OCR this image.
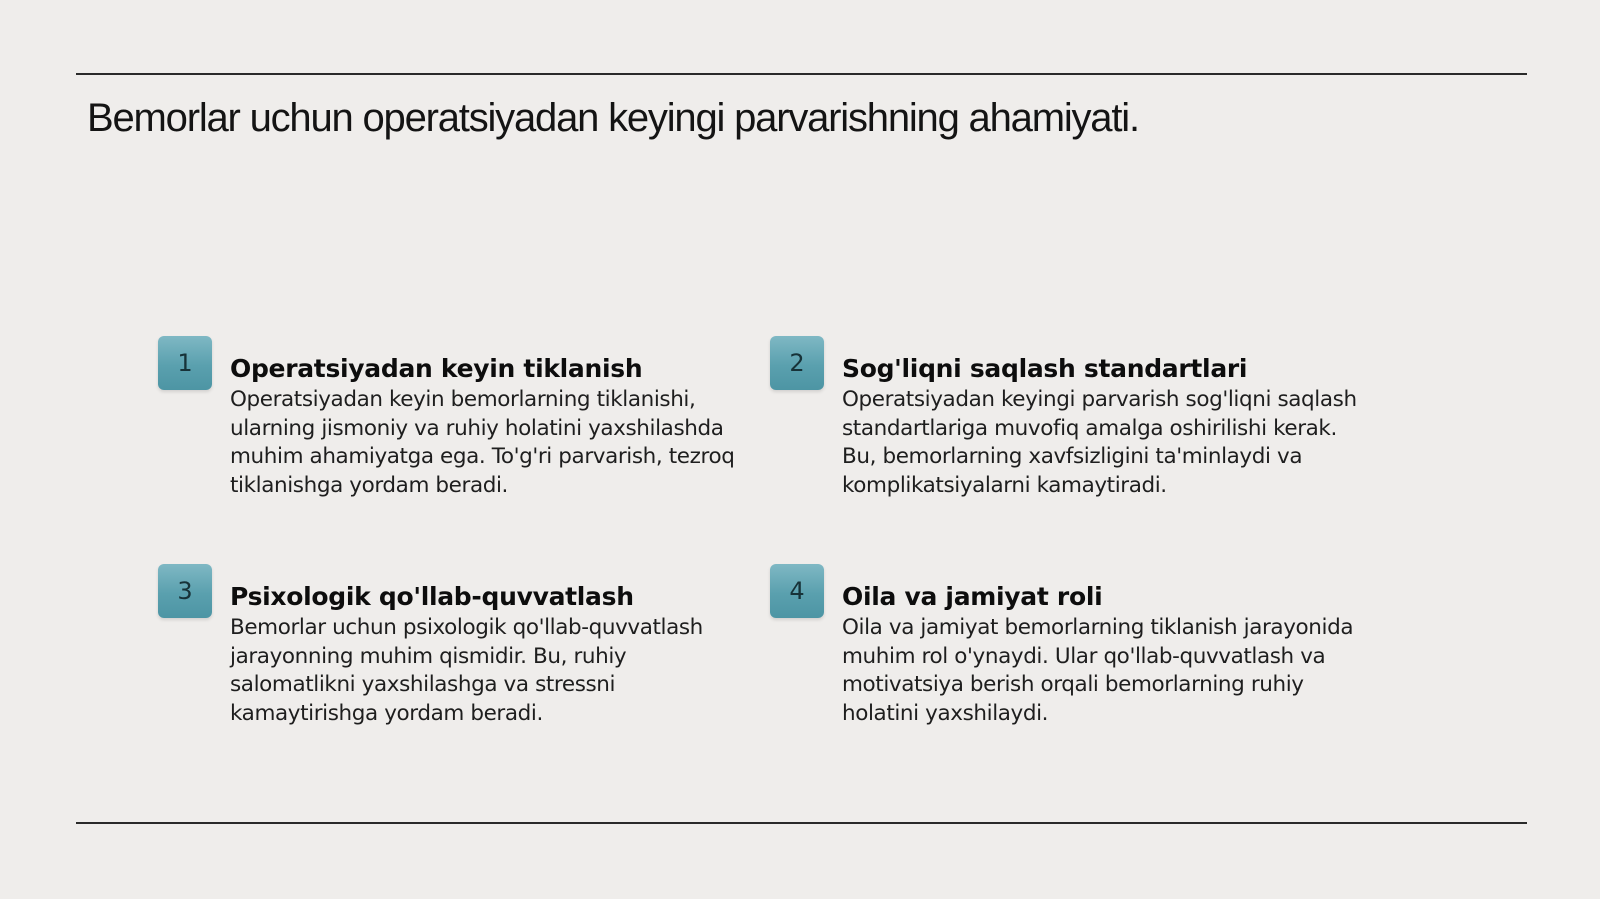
Bemorlar uchun operatsiyadan keyingi parvarishning ahamiyati.
1	Operatsiyadan keyin tiklanish

Operatsiyadan keyin bemorlarning tiklanishi, ularning jismoniy va ruhiy holatini yaxshilashda muhim ahamiyatga ega. To'g'ri parvarish, tezroq tiklanishga yordam beradi.

2	Sog'liqni saqlash standartlari

Operatsiyadan keyingi parvarish sog'liqni saqlash standartlariga muvofiq amalga oshirilishi kerak. Bu, bemorlarning xavfsizligini ta'minlaydi va komplikatsiyalarni kamaytiradi.

3	Psixologik qo'llab-quvvatlash

Bemorlar uchun psixologik qo'llab-quvvatlash jarayonning muhim qismidir. Bu, ruhiy salomatlikni yaxshilashga va stressni kamaytirishga yordam beradi.

4	Oila va jamiyat roli

Oila va jamiyat bemorlarning tiklanish jarayonida muhim rol o'ynaydi. Ular qo'llab-quvvatlash va motivatsiya berish orqali bemorlarning ruhiy holatini yaxshilaydi.
